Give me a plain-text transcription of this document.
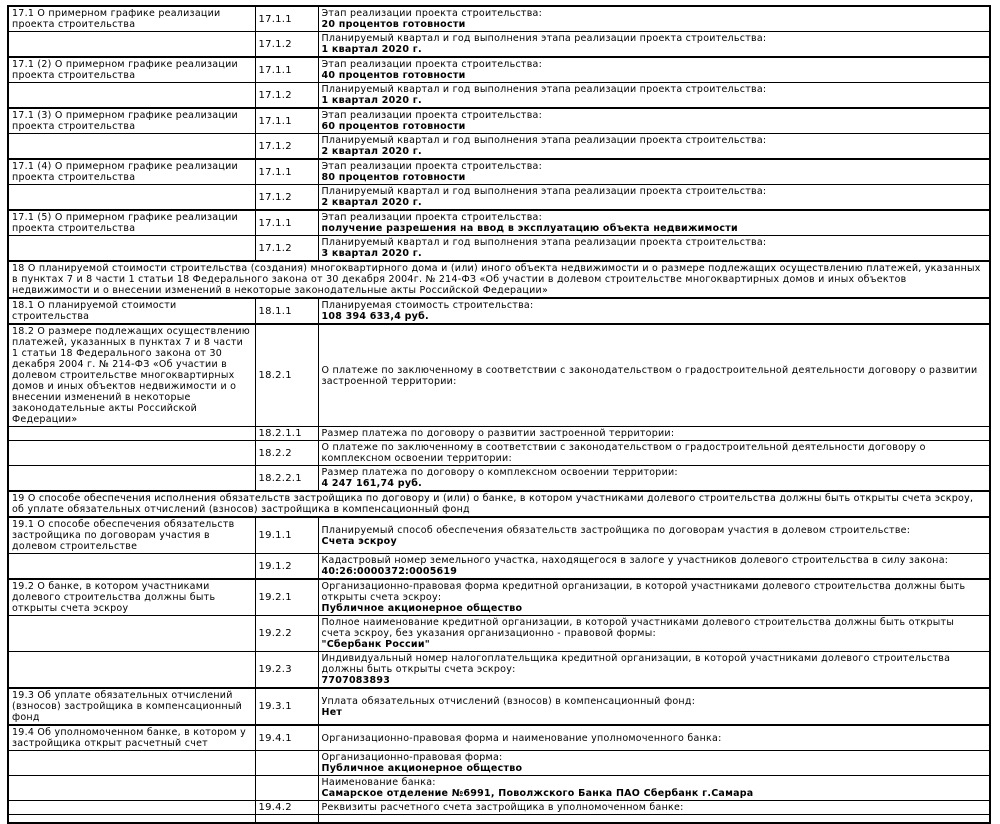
17.1 О примерном графике реализации проекта строительства	17.1.1	Этап реализации проекта строительства:
20 процентов готовности

	17.1.2	Планируемый квартал и год выполнения этапа реализации проекта строительства:
1 квартал 2020 г.

17.1 (2) О примерном графике реализации проекта строительства	17.1.1	Этап реализации проекта строительства:
40 процентов готовности

	17.1.2	Планируемый квартал и год выполнения этапа реализации проекта строительства:
1 квартал 2020 г.

17.1 (3) О примерном графике реализации проекта строительства	17.1.1	Этап реализации проекта строительства:
60 процентов готовности

	17.1.2	Планируемый квартал и год выполнения этапа реализации проекта строительства:
2 квартал 2020 г.

17.1 (4) О примерном графике реализации проекта строительства	17.1.1	Этап реализации проекта строительства:
80 процентов готовности

	17.1.2	Планируемый квартал и год выполнения этапа реализации проекта строительства:
2 квартал 2020 г.

17.1 (5) О примерном графике реализации проекта строительства	17.1.1	Этап реализации проекта строительства:
получение разрешения на ввод в эксплуатацию объекта недвижимости

	17.1.2	Планируемый квартал и год выполнения этапа реализации проекта строительства:
3 квартал 2020 г.

18 О планируемой стоимости строительства (создания) многоквартирного дома и (или) иного объекта недвижимости и о размере подлежащих осуществлению платежей, указанных в пунктах 7 и 8 части 1 статьи 18 Федерального закона от 30 декабря 2004г. № 214-ФЗ «Об участии в долевом строительстве многоквартирных домов и иных объектов недвижимости и о внесении изменений в некоторые законодательные акты Российской Федерации»		
18.1 О планируемой стоимости строительства	18.1.1	Планируемая стоимость строительства:
108 394 633,4 руб.

18.2 О размере подлежащих осуществлению платежей, указанных в пунктах 7 и 8 части 1 статьи 18 Федерального закона от 30 декабря 2004 г. № 214-ФЗ «Об участии в долевом строительстве многоквартирных домов и иных объектов недвижимости и о внесении изменений в некоторые законодательные акты Российской Федерации»	18.2.1	О платеже по заключенному в соответствии с законодательством о градостроительной деятельности договору о развитии застроенной территории:

	18.2.1.1	Размер платежа по договору о развитии застроенной территории:

	18.2.2	О платеже по заключенному в соответствии с законодательством о градостроительной деятельности договору о комплексном освоении территории:

	18.2.2.1	Размер платежа по договору о комплексном освоении территории:
4 247 161,74 руб.

19 О способе обеспечения исполнения обязательств застройщика по договору и (или) о банке, в котором участниками долевого строительства должны быть открыты счета эскроу, об уплате обязательных отчислений (взносов) застройщика в компенсационный фонд		
19.1 О способе обеспечения обязательств застройщика по договорам участия в долевом строительстве	19.1.1	Планируемый способ обеспечения обязательств застройщика по договорам участия в долевом строительстве:
Счета эскроу

	19.1.2	Кадастровый номер земельного участка, находящегося в залоге у участников долевого строительства в силу закона:
40:26:0000372:0005619

19.2 О банке, в котором участниками долевого строительства должны быть открыты счета эскроу	19.2.1	Организационно-правовая форма кредитной организации, в которой участниками долевого строительства должны быть открыты счета эскроу:
Публичное акционерное общество

	19.2.2	Полное наименование кредитной организации, в которой участниками долевого строительства должны быть открыты счета эскроу, без указания организационно - правовой формы:
"Сбербанк России"

	19.2.3	Индивидуальный номер налогоплательщика кредитной организации, в которой участниками долевого строительства должны быть открыты счета эскроу:
7707083893

19.3 Об уплате обязательных отчислений (взносов) застройщика в компенсационный фонд	19.3.1	Уплата обязательных отчислений (взносов) в компенсационный фонд:
Нет

19.4 Об уполномоченном банке, в котором у застройщика открыт расчетный счет	19.4.1	Организационно-правовая форма и наименование уполномоченного банка:

		Организационно-правовая форма:
Публичное акционерное общество

		Наименование банка:
Самарское отделение №6991, Поволжского Банка ПАО Сбербанк г.Самара

	19.4.2	Реквизиты расчетного счета застройщика в уполномоченном банке:
